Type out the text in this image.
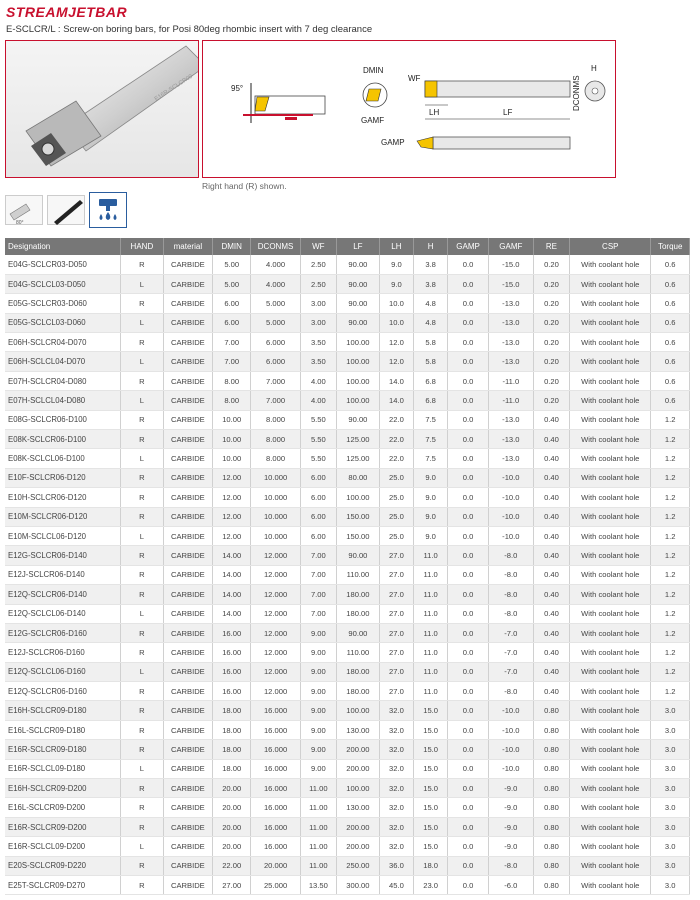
STREAMJETBAR
E-SCLCR/L : Screw-on boring bars, for Posi 80deg rhombic insert with 7 deg clearance
E16R-SCLCR09	95°
DMIN
GAMF
WF
LH	LF
DCONMS
H
GAMP
Right hand (R) shown.
80°
Designation	HAND	material	DMIN	DCONMS	WF	LF	LH	H	GAMP	GAMF	RE	CSP	Torque
E04G-SCLCR03-D050	R	CARBIDE	5.00	4.000	2.50	90.00	9.0	3.8	0.0	-15.0	0.20	With coolant hole	0.6
E04G-SCLCL03-D050	L	CARBIDE	5.00	4.000	2.50	90.00	9.0	3.8	0.0	-15.0	0.20	With coolant hole	0.6
E05G-SCLCR03-D060	R	CARBIDE	6.00	5.000	3.00	90.00	10.0	4.8	0.0	-13.0	0.20	With coolant hole	0.6
E05G-SCLCL03-D060	L	CARBIDE	6.00	5.000	3.00	90.00	10.0	4.8	0.0	-13.0	0.20	With coolant hole	0.6
E06H-SCLCR04-D070	R	CARBIDE	7.00	6.000	3.50	100.00	12.0	5.8	0.0	-13.0	0.20	With coolant hole	0.6
E06H-SCLCL04-D070	L	CARBIDE	7.00	6.000	3.50	100.00	12.0	5.8	0.0	-13.0	0.20	With coolant hole	0.6
E07H-SCLCR04-D080	R	CARBIDE	8.00	7.000	4.00	100.00	14.0	6.8	0.0	-11.0	0.20	With coolant hole	0.6
E07H-SCLCL04-D080	L	CARBIDE	8.00	7.000	4.00	100.00	14.0	6.8	0.0	-11.0	0.20	With coolant hole	0.6
E08G-SCLCR06-D100	R	CARBIDE	10.00	8.000	5.50	90.00	22.0	7.5	0.0	-13.0	0.40	With coolant hole	1.2
E08K-SCLCR06-D100	R	CARBIDE	10.00	8.000	5.50	125.00	22.0	7.5	0.0	-13.0	0.40	With coolant hole	1.2
E08K-SCLCL06-D100	L	CARBIDE	10.00	8.000	5.50	125.00	22.0	7.5	0.0	-13.0	0.40	With coolant hole	1.2
E10F-SCLCR06-D120	R	CARBIDE	12.00	10.000	6.00	80.00	25.0	9.0	0.0	-10.0	0.40	With coolant hole	1.2
E10H-SCLCR06-D120	R	CARBIDE	12.00	10.000	6.00	100.00	25.0	9.0	0.0	-10.0	0.40	With coolant hole	1.2
E10M-SCLCR06-D120	R	CARBIDE	12.00	10.000	6.00	150.00	25.0	9.0	0.0	-10.0	0.40	With coolant hole	1.2
E10M-SCLCL06-D120	L	CARBIDE	12.00	10.000	6.00	150.00	25.0	9.0	0.0	-10.0	0.40	With coolant hole	1.2
E12G-SCLCR06-D140	R	CARBIDE	14.00	12.000	7.00	90.00	27.0	11.0	0.0	-8.0	0.40	With coolant hole	1.2
E12J-SCLCR06-D140	R	CARBIDE	14.00	12.000	7.00	110.00	27.0	11.0	0.0	-8.0	0.40	With coolant hole	1.2
E12Q-SCLCR06-D140	R	CARBIDE	14.00	12.000	7.00	180.00	27.0	11.0	0.0	-8.0	0.40	With coolant hole	1.2
E12Q-SCLCL06-D140	L	CARBIDE	14.00	12.000	7.00	180.00	27.0	11.0	0.0	-8.0	0.40	With coolant hole	1.2
E12G-SCLCR06-D160	R	CARBIDE	16.00	12.000	9.00	90.00	27.0	11.0	0.0	-7.0	0.40	With coolant hole	1.2
E12J-SCLCR06-D160	R	CARBIDE	16.00	12.000	9.00	110.00	27.0	11.0	0.0	-7.0	0.40	With coolant hole	1.2
E12Q-SCLCL06-D160	L	CARBIDE	16.00	12.000	9.00	180.00	27.0	11.0	0.0	-7.0	0.40	With coolant hole	1.2
E12Q-SCLCR06-D160	R	CARBIDE	16.00	12.000	9.00	180.00	27.0	11.0	0.0	-8.0	0.40	With coolant hole	1.2
E16H-SCLCR09-D180	R	CARBIDE	18.00	16.000	9.00	100.00	32.0	15.0	0.0	-10.0	0.80	With coolant hole	3.0
E16L-SCLCR09-D180	R	CARBIDE	18.00	16.000	9.00	130.00	32.0	15.0	0.0	-10.0	0.80	With coolant hole	3.0
E16R-SCLCR09-D180	R	CARBIDE	18.00	16.000	9.00	200.00	32.0	15.0	0.0	-10.0	0.80	With coolant hole	3.0
E16R-SCLCL09-D180	L	CARBIDE	18.00	16.000	9.00	200.00	32.0	15.0	0.0	-10.0	0.80	With coolant hole	3.0
E16H-SCLCR09-D200	R	CARBIDE	20.00	16.000	11.00	100.00	32.0	15.0	0.0	-9.0	0.80	With coolant hole	3.0
E16L-SCLCR09-D200	R	CARBIDE	20.00	16.000	11.00	130.00	32.0	15.0	0.0	-9.0	0.80	With coolant hole	3.0
E16R-SCLCR09-D200	R	CARBIDE	20.00	16.000	11.00	200.00	32.0	15.0	0.0	-9.0	0.80	With coolant hole	3.0
E16R-SCLCL09-D200	L	CARBIDE	20.00	16.000	11.00	200.00	32.0	15.0	0.0	-9.0	0.80	With coolant hole	3.0
E20S-SCLCR09-D220	R	CARBIDE	22.00	20.000	11.00	250.00	36.0	18.0	0.0	-8.0	0.80	With coolant hole	3.0
E25T-SCLCR09-D270	R	CARBIDE	27.00	25.000	13.50	300.00	45.0	23.0	0.0	-6.0	0.80	With coolant hole	3.0
